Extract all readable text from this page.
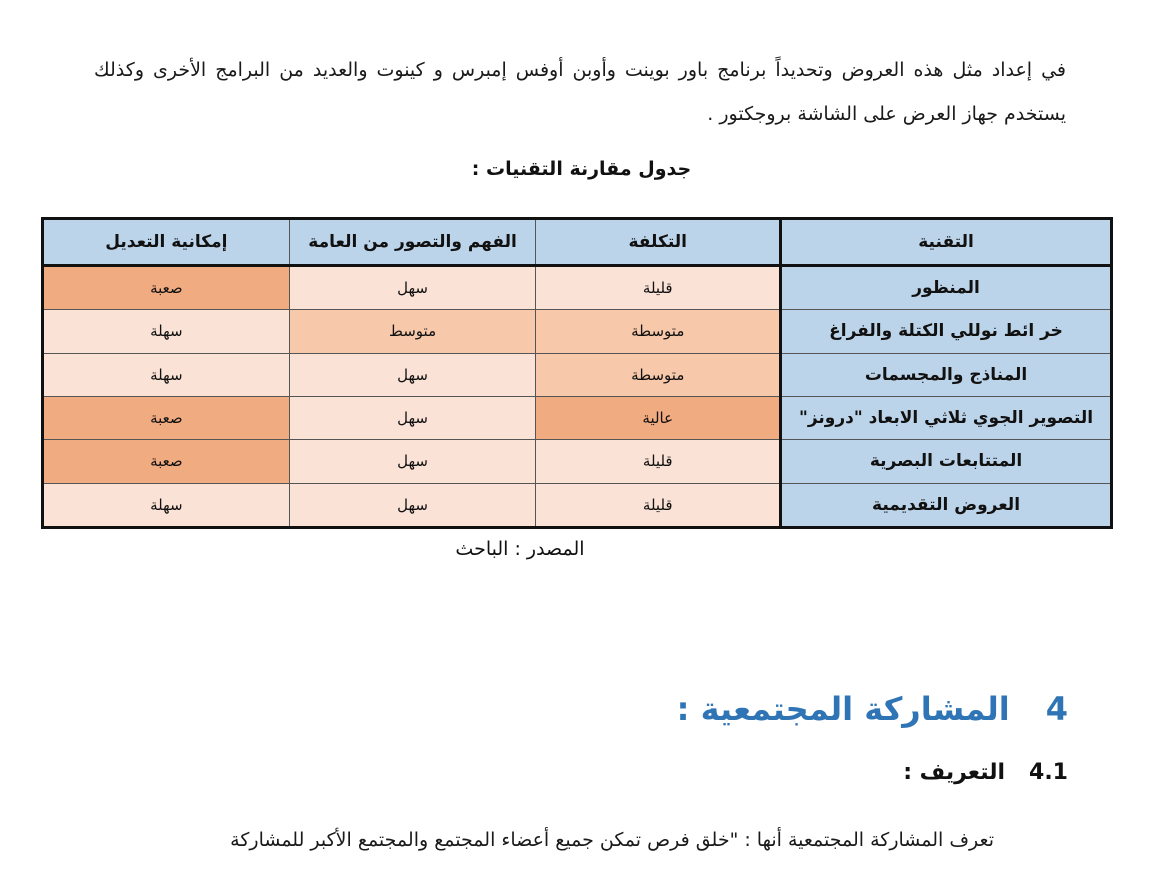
في إعداد مثل هذه العروض وتحديداً برنامج باور بوينت وأوبن أوفس إمبرس و كينوت والعديد من البرامج الأخرى وكذلك يستخدم جهاز العرض على الشاشة بروجكتور .

جدول مقارنة التقنيات :
التقنية	التكلفة	الفهم والتصور من العامة	إمكانية التعديل
المنظور	قليلة	سهل	صعبة
خر ائط نوللي الكتلة والفراغ	متوسطة	متوسط	سهلة
المناذج والمجسمات	متوسطة	سهل	سهلة
التصوير الجوي ثلاثي الابعاد "درونز"	عالية	سهل	صعبة
المتتابعات البصرية	قليلة	سهل	صعبة
العروض التقديمية	قليلة	سهل	سهلة
المصدر : الباحث
4المشاركة المجتمعية :
4.1التعريف :

تعرف المشاركة المجتمعية أنها : "خلق فرص تمكن جميع أعضاء المجتمع والمجتمع الأكبر للمشاركة
